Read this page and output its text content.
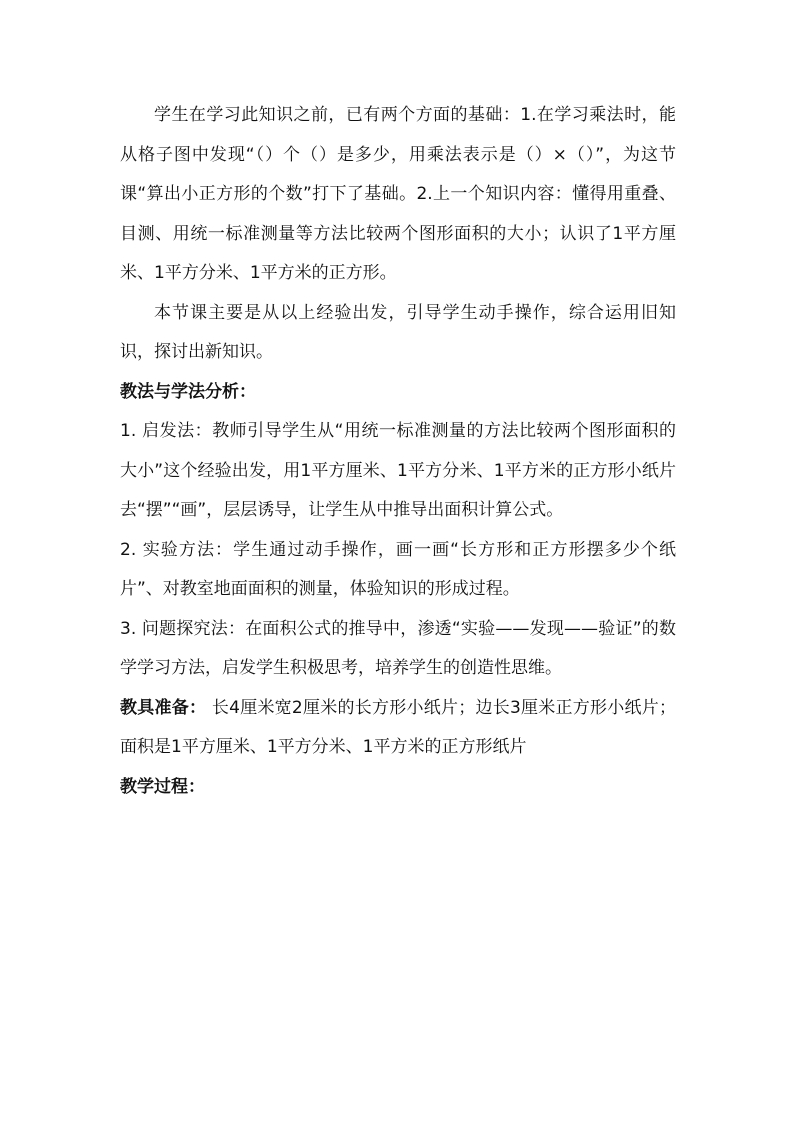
学生在学习此知识之前，已有两个方面的基础：1.在学习乘法时，能从格子图中发现“（）个（）是多少，用乘法表示是（）×（）”，为这节课“算出小正方形的个数”打下了基础。2.上一个知识内容：懂得用重叠、目测、用统一标准测量等方法比较两个图形面积的大小；认识了1平方厘米、1平方分米、1平方米的正方形。

本节课主要是从以上经验出发，引导学生动手操作，综合运用旧知识，探讨出新知识。

教法与学法分析：

1. 启发法：教师引导学生从“用统一标准测量的方法比较两个图形面积的大小”这个经验出发，用1平方厘米、1平方分米、1平方米的正方形小纸片去“摆”“画”，层层诱导，让学生从中推导出面积计算公式。

2. 实验方法：学生通过动手操作，画一画“长方形和正方形摆多少个纸片”、对教室地面面积的测量，体验知识的形成过程。

3. 问题探究法：在面积公式的推导中，渗透“实验——发现——验证”的数学学习方法，启发学生积极思考，培养学生的创造性思维。

教具准备： 长4厘米宽2厘米的长方形小纸片；边长3厘米正方形小纸片；面积是1平方厘米、1平方分米、1平方米的正方形纸片

教学过程：
